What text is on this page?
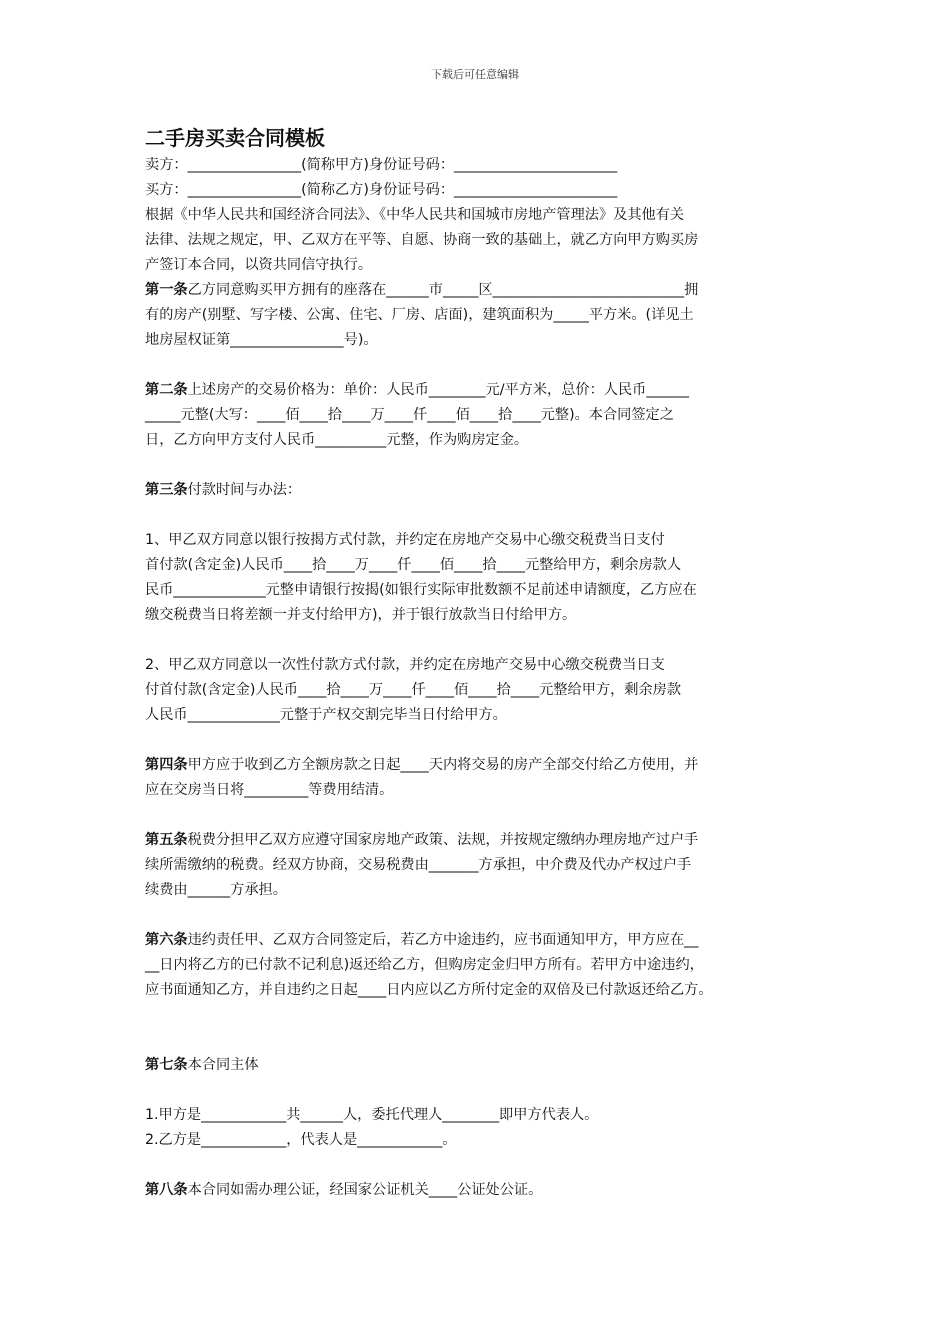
下载后可任意编辑
二手房买卖合同模板
卖方：________________(简称甲方)身份证号码：_______________________
买方：________________(简称乙方)身份证号码：_______________________

根据《中华人民共和国经济合同法》、《中华人民共和国城市房地产管理法》及其他有关
法律、法规之规定，甲、乙双方在平等、自愿、协商一致的基础上，就乙方向甲方购买房
产签订本合同，以资共同信守执行。

第一条乙方同意购买甲方拥有的座落在______市_____区___________________________拥
有的房产(别墅、写字楼、公寓、住宅、厂房、店面)，建筑面积为_____平方米。(详见土
地房屋权证第________________号)。

第二条上述房产的交易价格为：单价：人民币________元/平方米，总价：人民币______
_____元整(大写：____佰____拾____万____仟____佰____拾____元整)。本合同签定之
日，乙方向甲方支付人民币__________元整，作为购房定金。

第三条付款时间与办法：

1、甲乙双方同意以银行按揭方式付款，并约定在房地产交易中心缴交税费当日支付
首付款(含定金)人民币____拾____万____仟____佰____拾____元整给甲方，剩余房款人
民币_____________元整申请银行按揭(如银行实际审批数额不足前述申请额度，乙方应在
缴交税费当日将差额一并支付给甲方)，并于银行放款当日付给甲方。

2、甲乙双方同意以一次性付款方式付款，并约定在房地产交易中心缴交税费当日支
付首付款(含定金)人民币____拾____万____仟____佰____拾____元整给甲方，剩余房款
人民币_____________元整于产权交割完毕当日付给甲方。

第四条甲方应于收到乙方全额房款之日起____天内将交易的房产全部交付给乙方使用，并
应在交房当日将_________等费用结清。

第五条税费分担甲乙双方应遵守国家房地产政策、法规，并按规定缴纳办理房地产过户手
续所需缴纳的税费。经双方协商，交易税费由_______方承担，中介费及代办产权过户手
续费由______方承担。

第六条违约责任甲、乙双方合同签定后，若乙方中途违约，应书面通知甲方，甲方应在__
__日内将乙方的已付款不记利息)返还给乙方，但购房定金归甲方所有。若甲方中途违约，
应书面通知乙方，并自违约之日起____日内应以乙方所付定金的双倍及已付款返还给乙方。

第七条本合同主体

1.甲方是____________共______人，委托代理人________即甲方代表人。
2.乙方是____________，代表人是____________。

第八条本合同如需办理公证，经国家公证机关____公证处公证。
